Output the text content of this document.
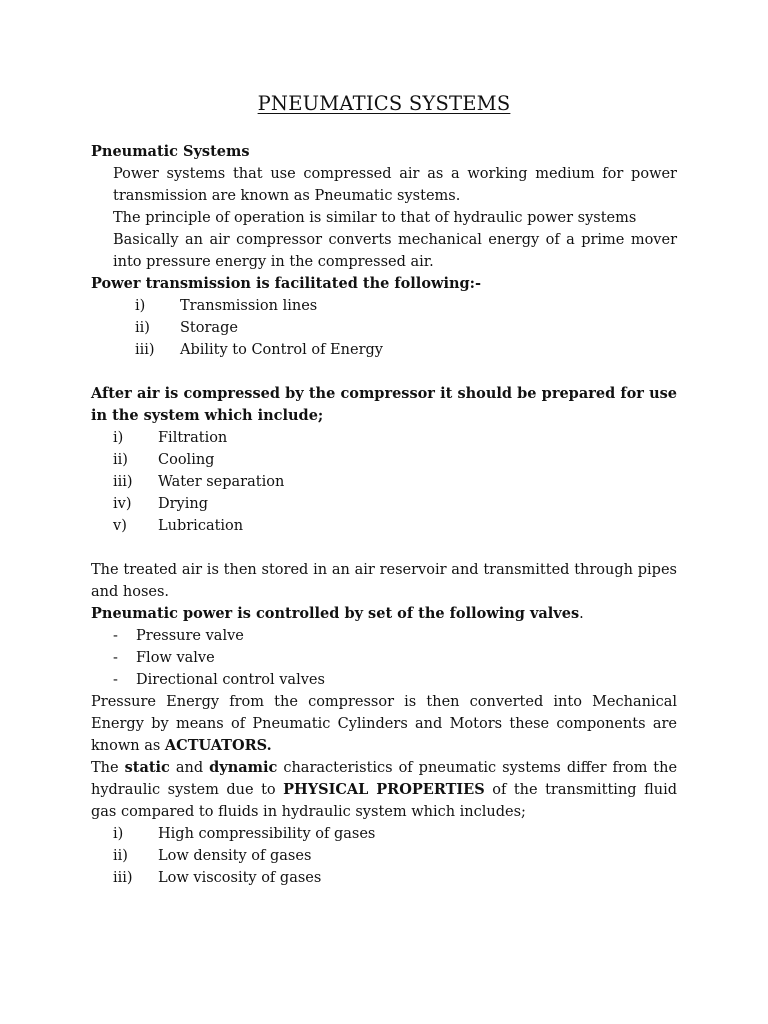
PNEUMATICS SYSTEMS

Pneumatic Systems

Power systems that use compressed air as a working medium for power transmission are known as Pneumatic systems.

The principle of operation is similar to that of hydraulic power systems

Basically an air compressor converts mechanical energy of a prime mover into pressure energy in the compressed air.

Power transmission is facilitated the following:-

i) Transmission lines
ii) Storage
iii) Ability to Control of Energy

After air is compressed by the compressor it should be prepared for use in the system which include;

i) Filtration
ii) Cooling
iii) Water separation
iv) Drying
v) Lubrication

The treated air is then stored in an air reservoir and transmitted through pipes and hoses.

Pneumatic power is controlled by set of the following valves.

- Pressure valve
- Flow valve
- Directional control valves

Pressure Energy from the compressor is then converted into Mechanical Energy by means of Pneumatic Cylinders and Motors these components are known as ACTUATORS.

The static and dynamic characteristics of pneumatic systems differ from the hydraulic system due to PHYSICAL PROPERTIES of the transmitting fluid gas compared to fluids in hydraulic system which includes;

i) High compressibility of gases
ii) Low density of gases
iii) Low viscosity of gases
